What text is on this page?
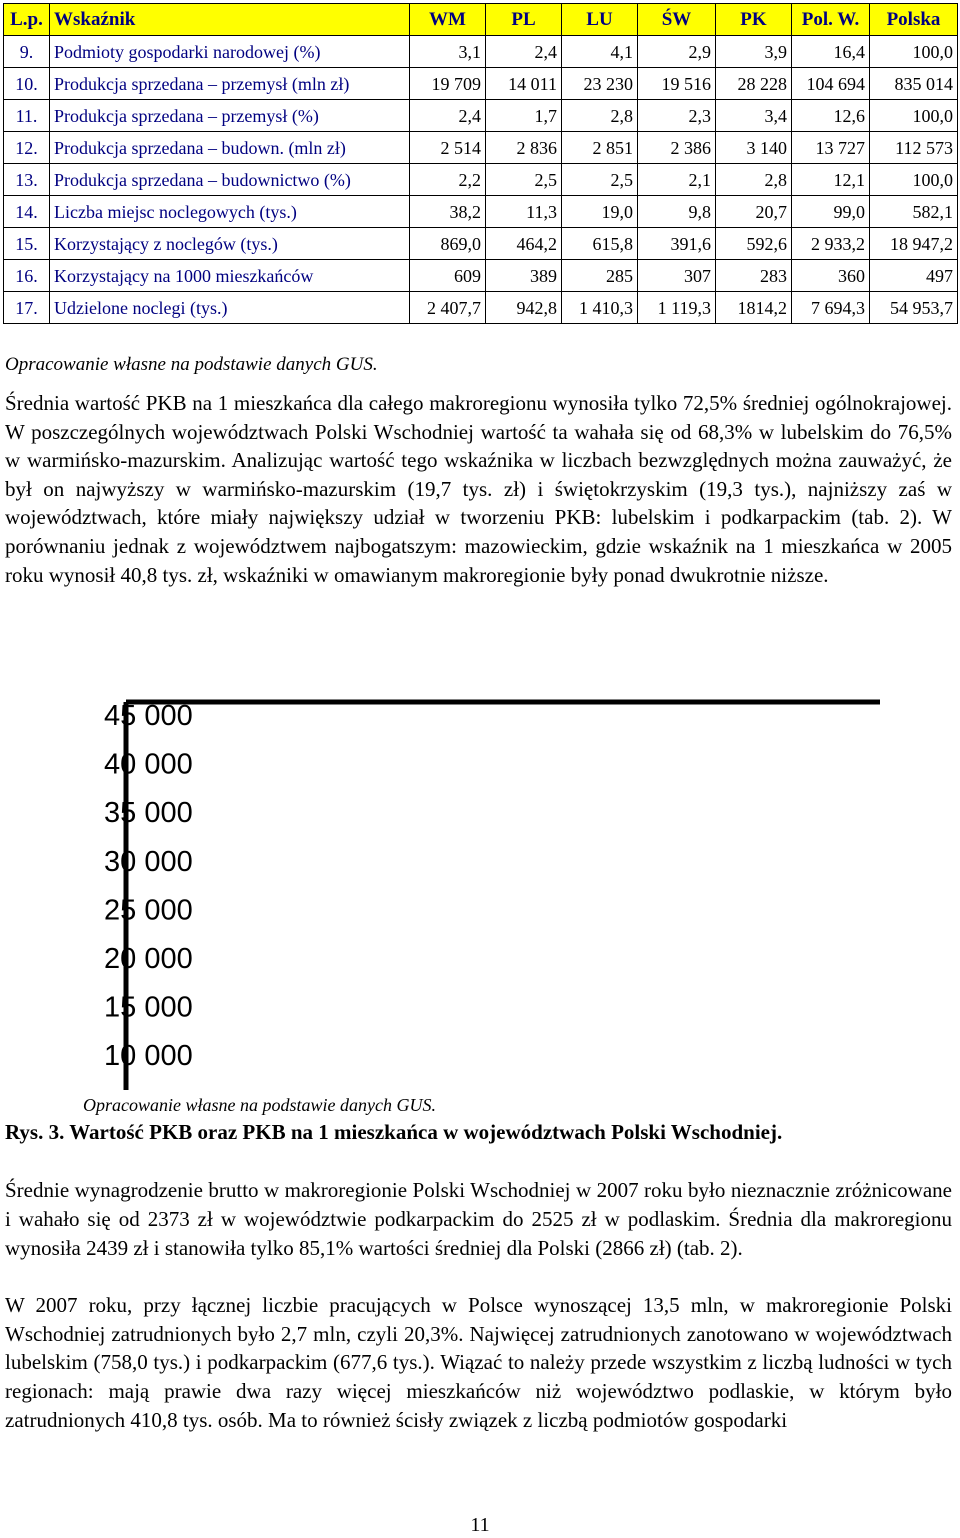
L.p.	Wskaźnik	WM	PL	LU	ŚW	PK	Pol. W.	Polska
9.	Podmioty gospodarki narodowej (%)	3,1	2,4	4,1	2,9	3,9	16,4	100,0
10.	Produkcja sprzedana – przemysł (mln zł)	19 709	14 011	23 230	19 516	28 228	104 694	835 014
11.	Produkcja sprzedana – przemysł (%)	2,4	1,7	2,8	2,3	3,4	12,6	100,0
12.	Produkcja sprzedana – budown. (mln zł)	2 514	2 836	2 851	2 386	3 140	13 727	112 573
13.	Produkcja sprzedana – budownictwo (%)	2,2	2,5	2,5	2,1	2,8	12,1	100,0
14.	Liczba miejsc noclegowych (tys.)	38,2	11,3	19,0	9,8	20,7	99,0	582,1
15.	Korzystający z noclegów (tys.)	869,0	464,2	615,8	391,6	592,6	2 933,2	18 947,2
16.	Korzystający na 1000 mieszkańców	609	389	285	307	283	360	497
17.	Udzielone noclegi (tys.)	2 407,7	942,8	1 410,3	1 119,3	1814,2	7 694,3	54 953,7
Opracowanie własne na podstawie danych GUS.

Średnia wartość PKB na 1 mieszkańca dla całego makroregionu wynosiła tylko 72,5% średniej ogólnokrajowej. W poszczególnych województwach Polski Wschodniej wartość ta wahała się od 68,3% w lubelskim do 76,5% w warmińsko-mazurskim. Analizując wartość tego wskaźnika w liczbach bezwzględnych można zauważyć, że był on najwyższy w warmińsko-mazurskim (19,7 tys. zł) i świętokrzyskim (19,3 tys.), najniższy zaś w województwach, które miały największy udział w tworzeniu PKB: lubelskim i podkarpackim (tab. 2). W porównaniu jednak z województwem najbogatszym: mazowieckim, gdzie wskaźnik na 1 mieszkańca w 2005 roku wynosił 40,8 tys. zł, wskaźniki w omawianym makroregionie były ponad dwukrotnie niższe.

45 000
40 000
35 000
30 000
25 000
20 000
15 000
10 000
Opracowanie własne na podstawie danych GUS.
Rys. 3. Wartość PKB oraz PKB na 1 mieszkańca w województwach Polski Wschodniej.

Średnie wynagrodzenie brutto w makroregionie Polski Wschodniej w 2007 roku było nieznacznie zróżnicowane i wahało się od 2373 zł w województwie podkarpackim do 2525 zł w podlaskim. Średnia dla makroregionu wynosiła 2439 zł i stanowiła tylko 85,1% wartości średniej dla Polski (2866 zł) (tab. 2).

W 2007 roku, przy łącznej liczbie pracujących w Polsce wynoszącej 13,5 mln, w makroregionie Polski Wschodniej zatrudnionych było 2,7 mln, czyli 20,3%. Najwięcej zatrudnionych zanotowano w województwach lubelskim (758,0 tys.) i podkarpackim (677,6 tys.). Wiązać to należy przede wszystkim z liczbą ludności w tych regionach: mają prawie dwa razy więcej mieszkańców niż województwo podlaskie, w którym było zatrudnionych 410,8 tys. osób. Ma to również ścisły związek z liczbą podmiotów gospodarki

11
